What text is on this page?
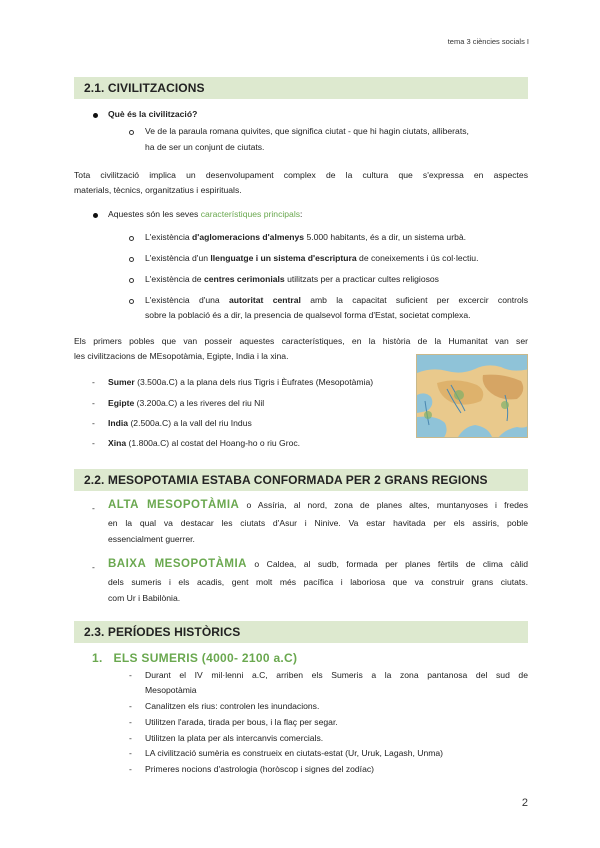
tema 3 ciències socials I
2.1. CIVILITZACIONS
Què és la civilització?
Ve de la paraula romana quivites, que significa ciutat - que hi hagin ciutats, alliberats,
ha de ser un conjunt de ciutats.
Tota civilització implica un desenvolupament complex de la cultura que s'expressa en aspectes
materials, tècnics, organitzatius i espirituals.
Aquestes són les seves característiques principals:
L'existència d'aglomeracions d'almenys 5.000 habitants, és a dir, un sistema urbà.
L'existència d'un llenguatge i un sistema d'escriptura de coneixements i ús col·lectiu.
L'existència de centres cerimonials utilitzats per a practicar cultes religiosos
L'existència d'una autoritat central amb la capacitat suficient per excercir controls
sobre la població és a dir, la presencia de qualsevol forma d'Estat, societat complexa.
Els primers pobles que van posseir aquestes característiques, en la història de la Humanitat van ser
les civilitzacions de MEsopotàmia, Egipte, India i la xina.
- Sumer (3.500a.C) a la plana dels rius Tigris i Èufrates (Mesopotàmia)
- Egipte (3.200a.C) a les riveres del riu Nil
- India (2.500a.C) a la vall del riu Indus
- Xina (1.800a.C) al costat del Hoang-ho o riu Groc.
2.2. MESOPOTAMIA ESTABA CONFORMADA PER 2 GRANS REGIONS
- ALTA MESOPOTÀMIA o Assíria, al nord, zona de planes altes, muntanyoses i fredes
en la qual va destacar les ciutats d'Asur i Ninive. Va estar havitada per els assiris, poble
essencialment guerrer.
- BAIXA MESOPOTÀMIA o Caldea, al sudb, formada per planes fèrtils de clima càlid
dels sumeris i els acadis, gent molt més pacífica i laboriosa que va construir grans ciutats.
com Ur i Babilònia.
2.3. PERÍODES HISTÒRICS
1. ELS SUMERIS (4000- 2100 a.C)
- Durant el IV mil·lenni a.C, arriben els Sumeris a la zona pantanosa del sud de
Mesopotàmia
- Canalitzen els rius: controlen les inundacions.
- Utilitzen l'arada, tirada per bous, i la flaç per segar.
- Utilitzen la plata per als intercanvis comercials.
- LA civilització sumèria es construeix en ciutats-estat (Ur, Uruk, Lagash, Unma)
- Primeres nocions d'astrologia (horòscop i signes del zodíac)
2
